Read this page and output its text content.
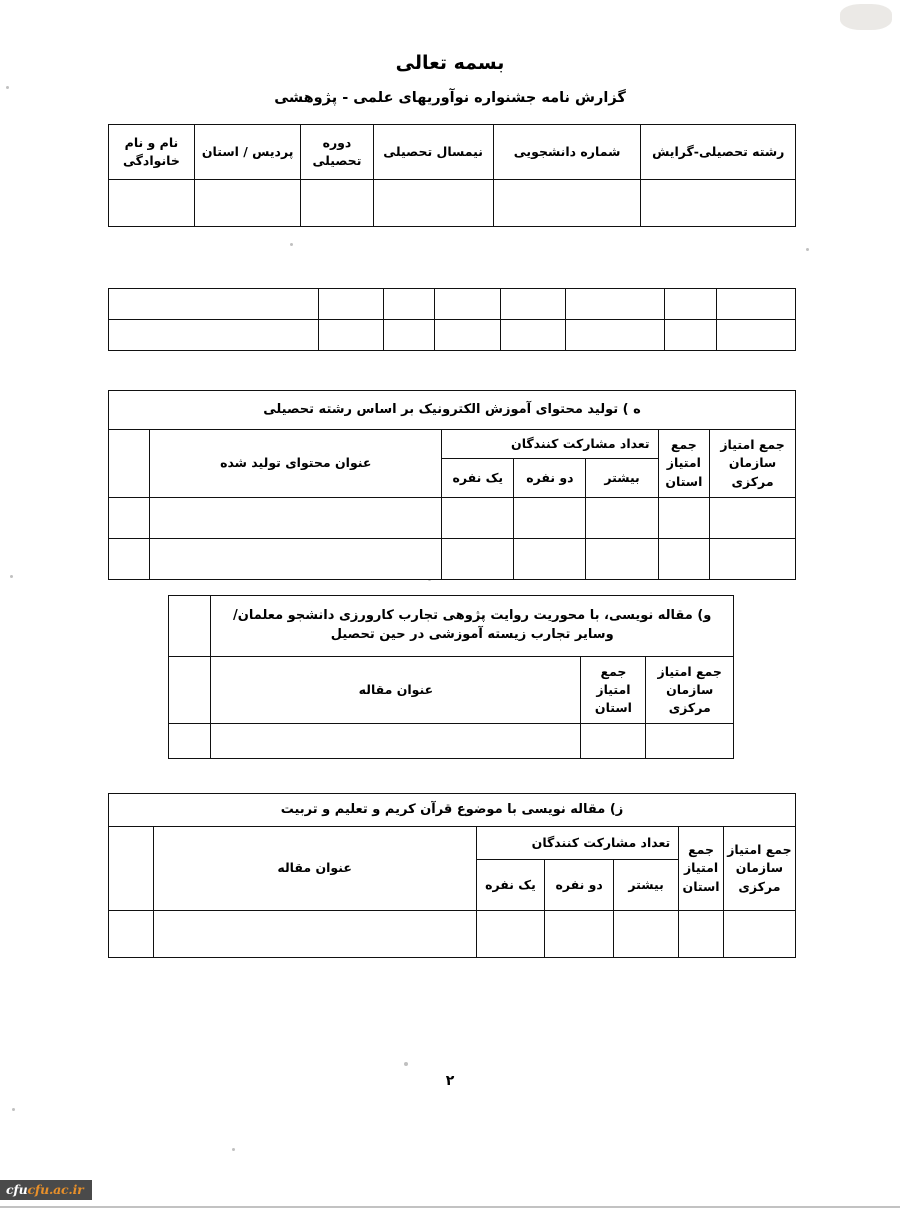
بسمه تعالی
گزارش نامه جشنواره نوآوریهای علمی - پژوهشی
رشته تحصیلی-گرایش	شماره دانشجویی	نیمسال تحصیلی	دوره تحصیلی	پردیس / استان	نام و نام خانوادگی

ه ) تولید محتوای آموزش الکترونیک بر اساس رشته تحصیلی						
جمع امتیاز سازمان مرکزی	جمع امتیاز استان	تعداد مشارکت کنندگان			عنوان محتوای تولید شده	
		بیشتر	دو نفره	یک نفره		

و) مقاله نویسی، با محوریت روایت پژوهی تجارب کارورزی دانشجو معلمان/ وسایر تجارب زیسته آموزشی در حین تحصیل			
جمع امتیاز سازمان مرکزی	جمع امتیاز استان	عنوان مقاله	

ز) مقاله نویسی با موضوع قرآن کریم و تعلیم و تربیت						
جمع امتیاز سازمان مرکزی	جمع امتیاز استان	تعداد مشارکت کنندگان			عنوان مقاله	
		بیشتر	دو نفره	یک نفره		

۲
cfucfu.ac.ir
